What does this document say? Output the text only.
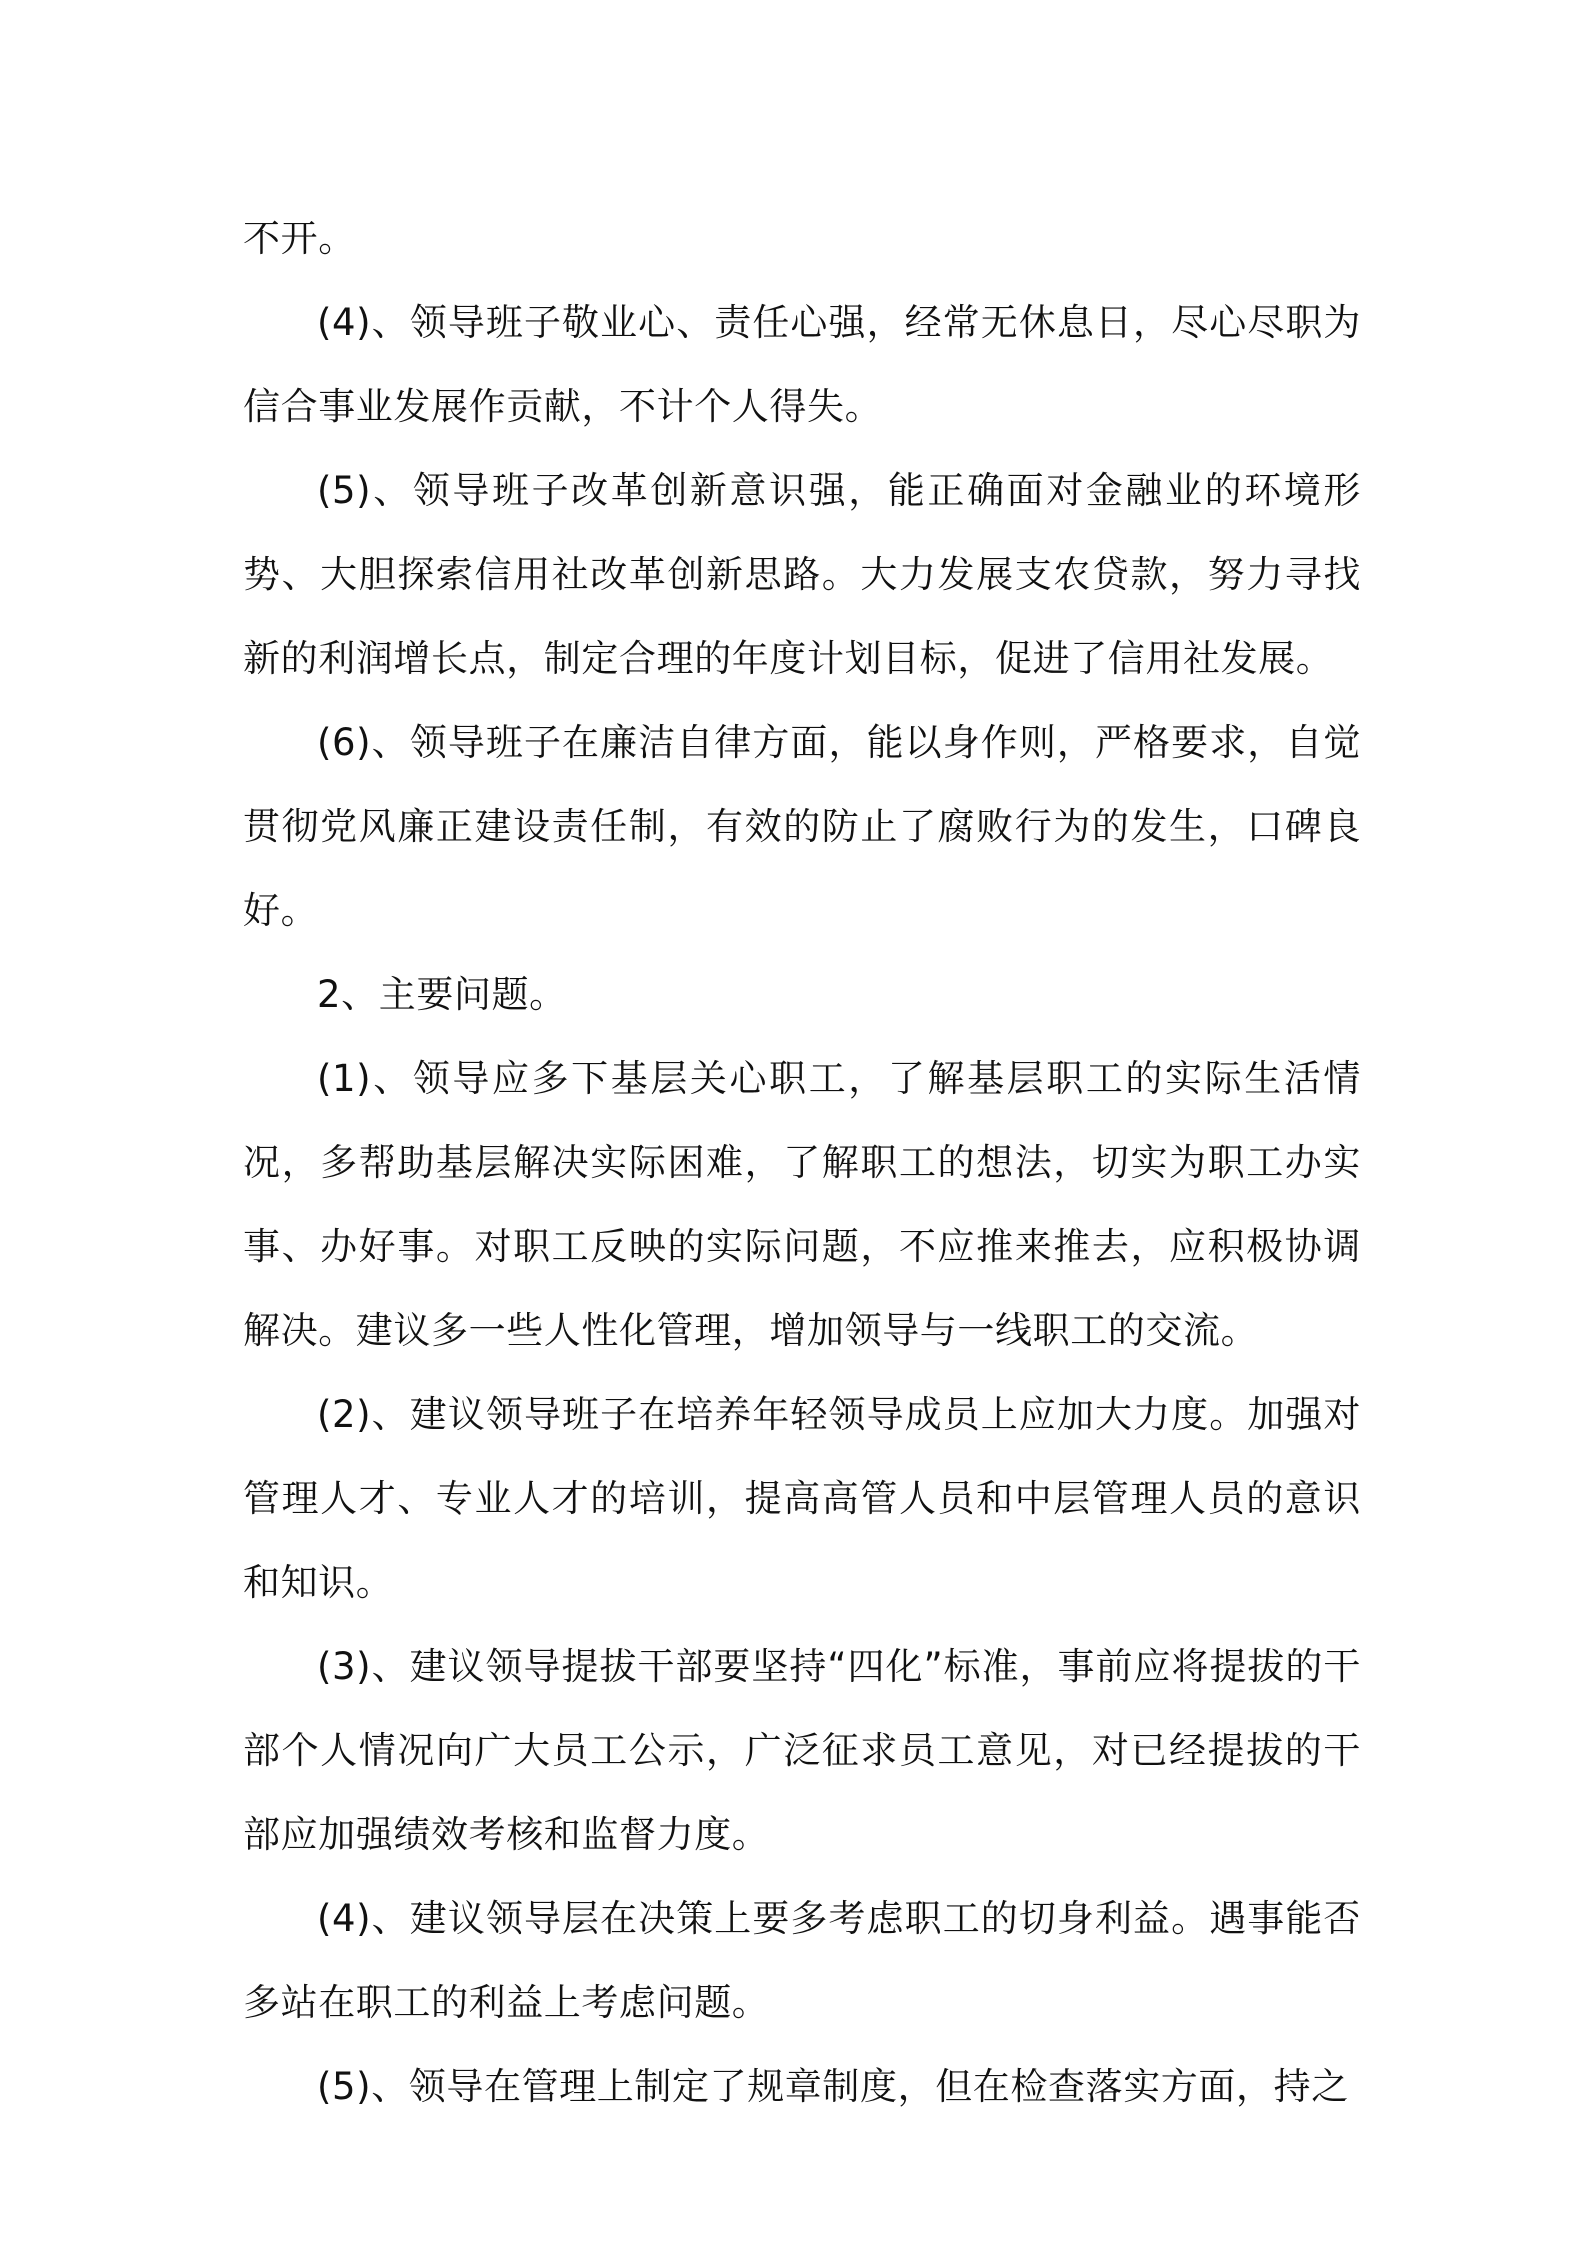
不开。

(4)、领导班子敬业心、责任心强，经常无休息日，尽心尽职为信合事业发展作贡献，不计个人得失。

(5)、领导班子改革创新意识强，能正确面对金融业的环境形势、大胆探索信用社改革创新思路。大力发展支农贷款，努力寻找新的利润增长点，制定合理的年度计划目标，促进了信用社发展。

(6)、领导班子在廉洁自律方面，能以身作则，严格要求，自觉贯彻党风廉正建设责任制，有效的防止了腐败行为的发生，口碑良好。

2、主要问题。

(1)、领导应多下基层关心职工，了解基层职工的实际生活情况，多帮助基层解决实际困难，了解职工的想法，切实为职工办实事、办好事。对职工反映的实际问题，不应推来推去，应积极协调解决。建议多一些人性化管理，增加领导与一线职工的交流。

(2)、建议领导班子在培养年轻领导成员上应加大力度。加强对管理人才、专业人才的培训，提高高管人员和中层管理人员的意识和知识。

(3)、建议领导提拔干部要坚持“四化”标准，事前应将提拔的干部个人情况向广大员工公示，广泛征求员工意见，对已经提拔的干部应加强绩效考核和监督力度。

(4)、建议领导层在决策上要多考虑职工的切身利益。遇事能否多站在职工的利益上考虑问题。

(5)、领导在管理上制定了规章制度，但在检查落实方面，持之
